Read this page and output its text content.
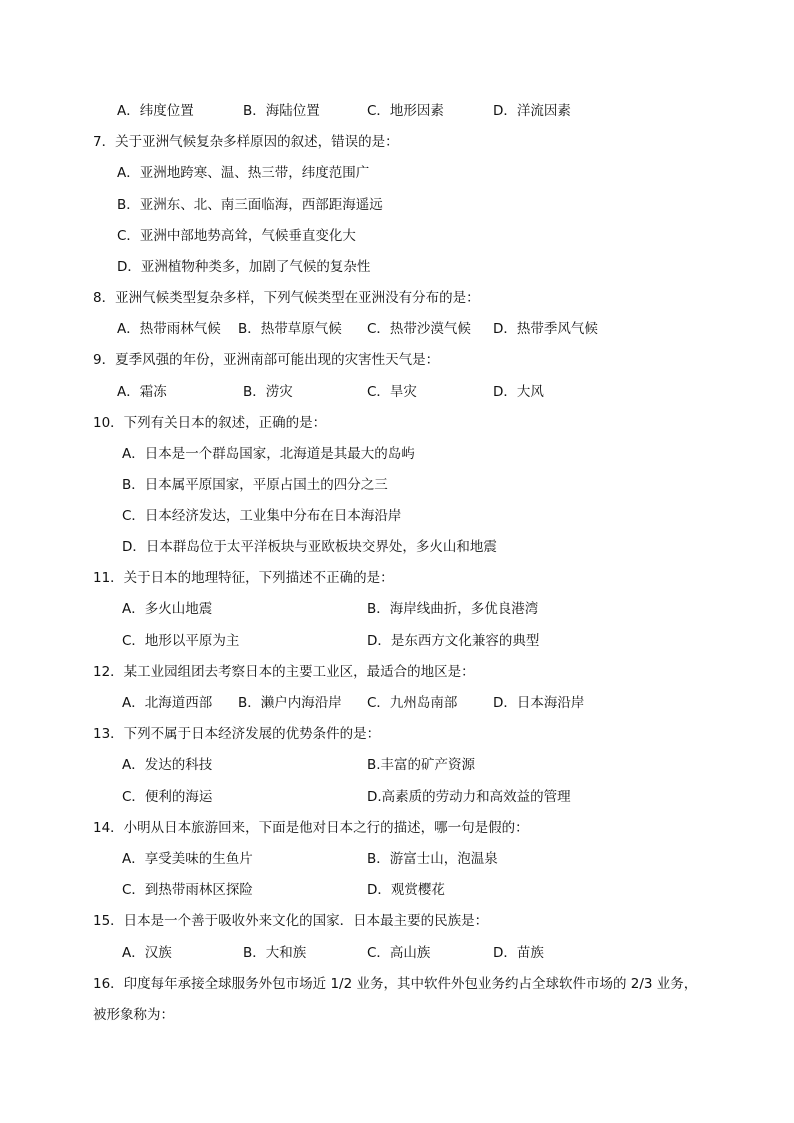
A．纬度位置	B．海陆位置	C．地形因素	D．洋流因素
7．关于亚洲气候复杂多样原因的叙述，错误的是：
A．亚洲地跨寒、温、热三带，纬度范围广
B．亚洲东、北、南三面临海，西部距海遥远
C．亚洲中部地势高耸，气候垂直变化大
D．亚洲植物种类多，加剧了气候的复杂性
8．亚洲气候类型复杂多样，下列气候类型在亚洲没有分布的是：
A．热带雨林气候 B．热带草原气候 C．热带沙漠气候 D．热带季风气候
9．夏季风强的年份，亚洲南部可能出现的灾害性天气是：
A．霜冻	B．涝灾	C．旱灾	D．大风
10．下列有关日本的叙述，正确的是：
A．日本是一个群岛国家，北海道是其最大的岛屿
B．日本属平原国家，平原占国土的四分之三
C．日本经济发达，工业集中分布在日本海沿岸
D．日本群岛位于太平洋板块与亚欧板块交界处，多火山和地震
11．关于日本的地理特征，下列描述不正确的是：
A．多火山地震	B．海岸线曲折，多优良港湾
C．地形以平原为主	D．是东西方文化兼容的典型
12．某工业园组团去考察日本的主要工业区，最适合的地区是：
A．北海道西部 B．濑户内海沿岸 C．九州岛南部	D．日本海沿岸
13．下列不属于日本经济发展的优势条件的是：
A．发达的科技	B.丰富的矿产资源
C．便利的海运	D.高素质的劳动力和高效益的管理
14．小明从日本旅游回来，下面是他对日本之行的描述，哪一句是假的：
A．享受美味的生鱼片	B．游富士山，泡温泉
C．到热带雨林区探险	D．观赏樱花
15．日本是一个善于吸收外来文化的国家．日本最主要的民族是：
A．汉族	B．大和族	C．高山族	D．苗族
16．印度每年承接全球服务外包市场近 1/2 业务，其中软件外包业务约占全球软件市场的 2/3 业务，
被形象称为：
